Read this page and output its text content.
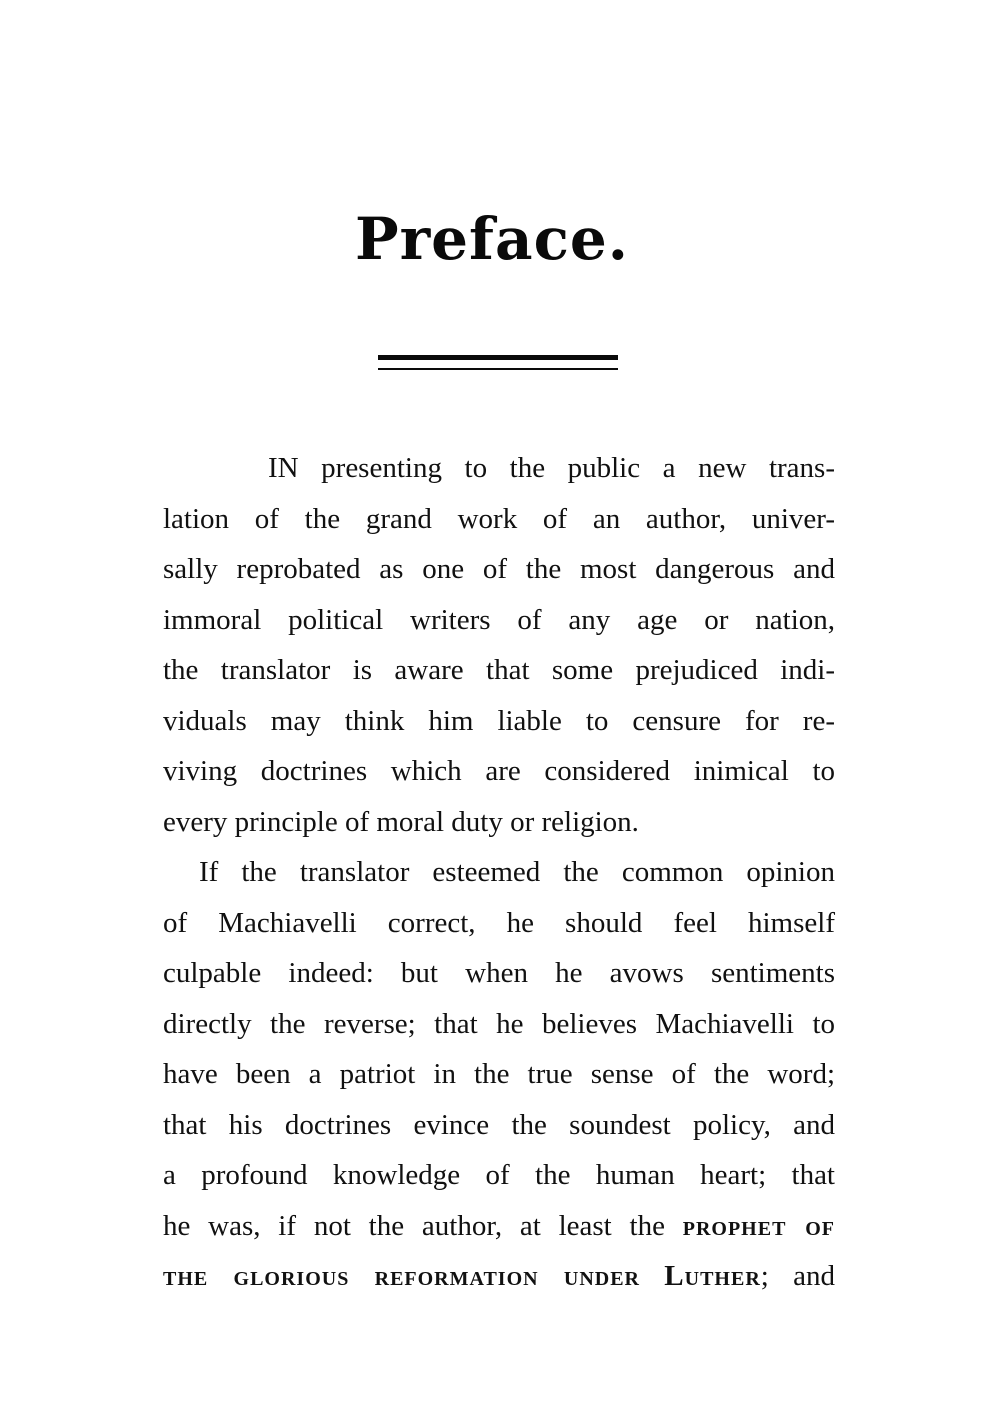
Preface.
IN presenting to the public a new trans-
lation of the grand work of an author, univer-
sally reprobated as one of the most dangerous and
immoral political writers of any age or nation,
the translator is aware that some prejudiced indi-
viduals may think him liable to censure for re-
viving doctrines which are considered inimical to
every principle of moral duty or religion.
If the translator esteemed the common opinion
of Machiavelli correct, he should feel himself
culpable indeed: but when he avows sentiments
directly the reverse; that he believes Machiavelli to
have been a patriot in the true sense of the word;
that his doctrines evince the soundest policy, and
a profound knowledge of the human heart; that
he was, if not the author, at least the prophet of
the glorious reformation under Luther; and
